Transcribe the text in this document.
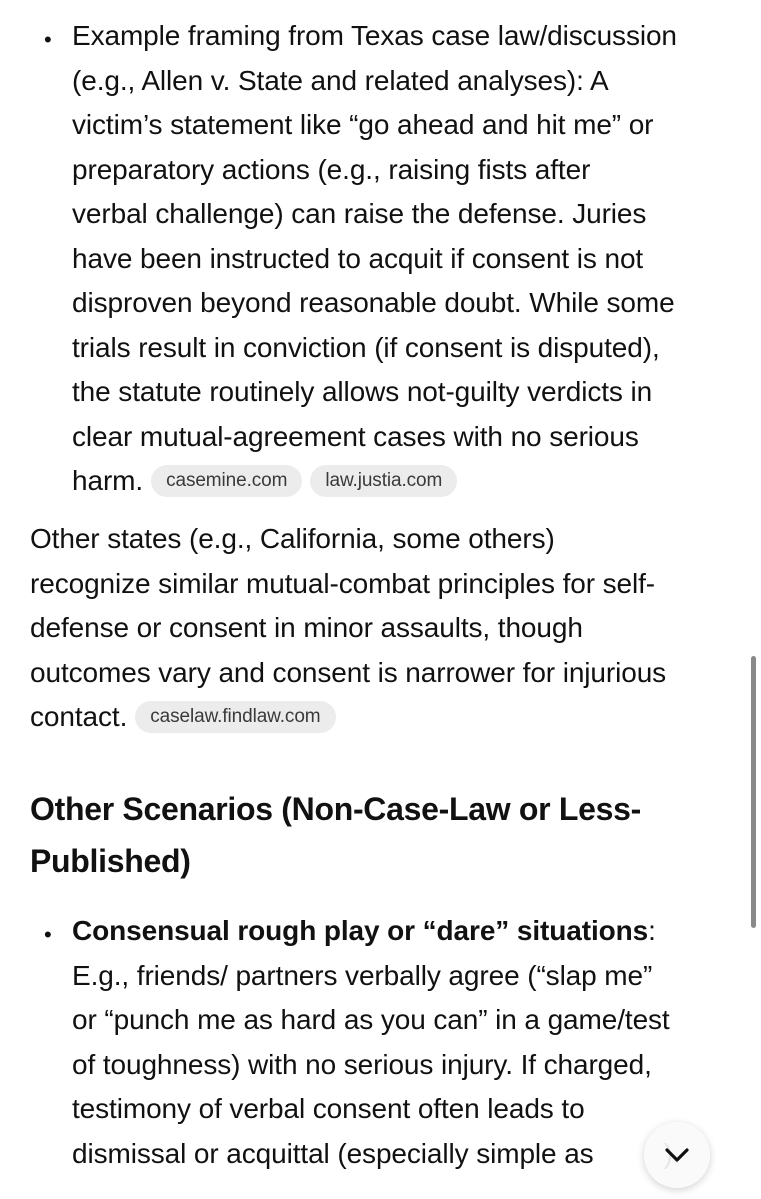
• Example framing from Texas case law/discussion
(e.g., Allen v. State and related analyses): A
victim’s statement like “go ahead and hit me” or
preparatory actions (e.g., raising fists after
verbal challenge) can raise the defense. Juries
have been instructed to acquit if consent is not
disproven beyond reasonable doubt. While some
trials result in conviction (if consent is disputed),
the statute routinely allows not-guilty verdicts in
clear mutual-agreement cases with no serious
harm. casemine.com law.justia.com
Other states (e.g., California, some others)
recognize similar mutual-combat principles for self-
defense or consent in minor assaults, though
outcomes vary and consent is narrower for injurious
contact. caselaw.findlaw.com
Other Scenarios (Non-Case-Law or Less-
Published)
• Consensual rough play or “dare” situations:
E.g., friends/ partners verbally agree (“slap me”
or “punch me as hard as you can” in a game/test
of toughness) with no serious injury. If charged,
testimony of verbal consent often leads to
dismissal or acquittal (especially simple as
